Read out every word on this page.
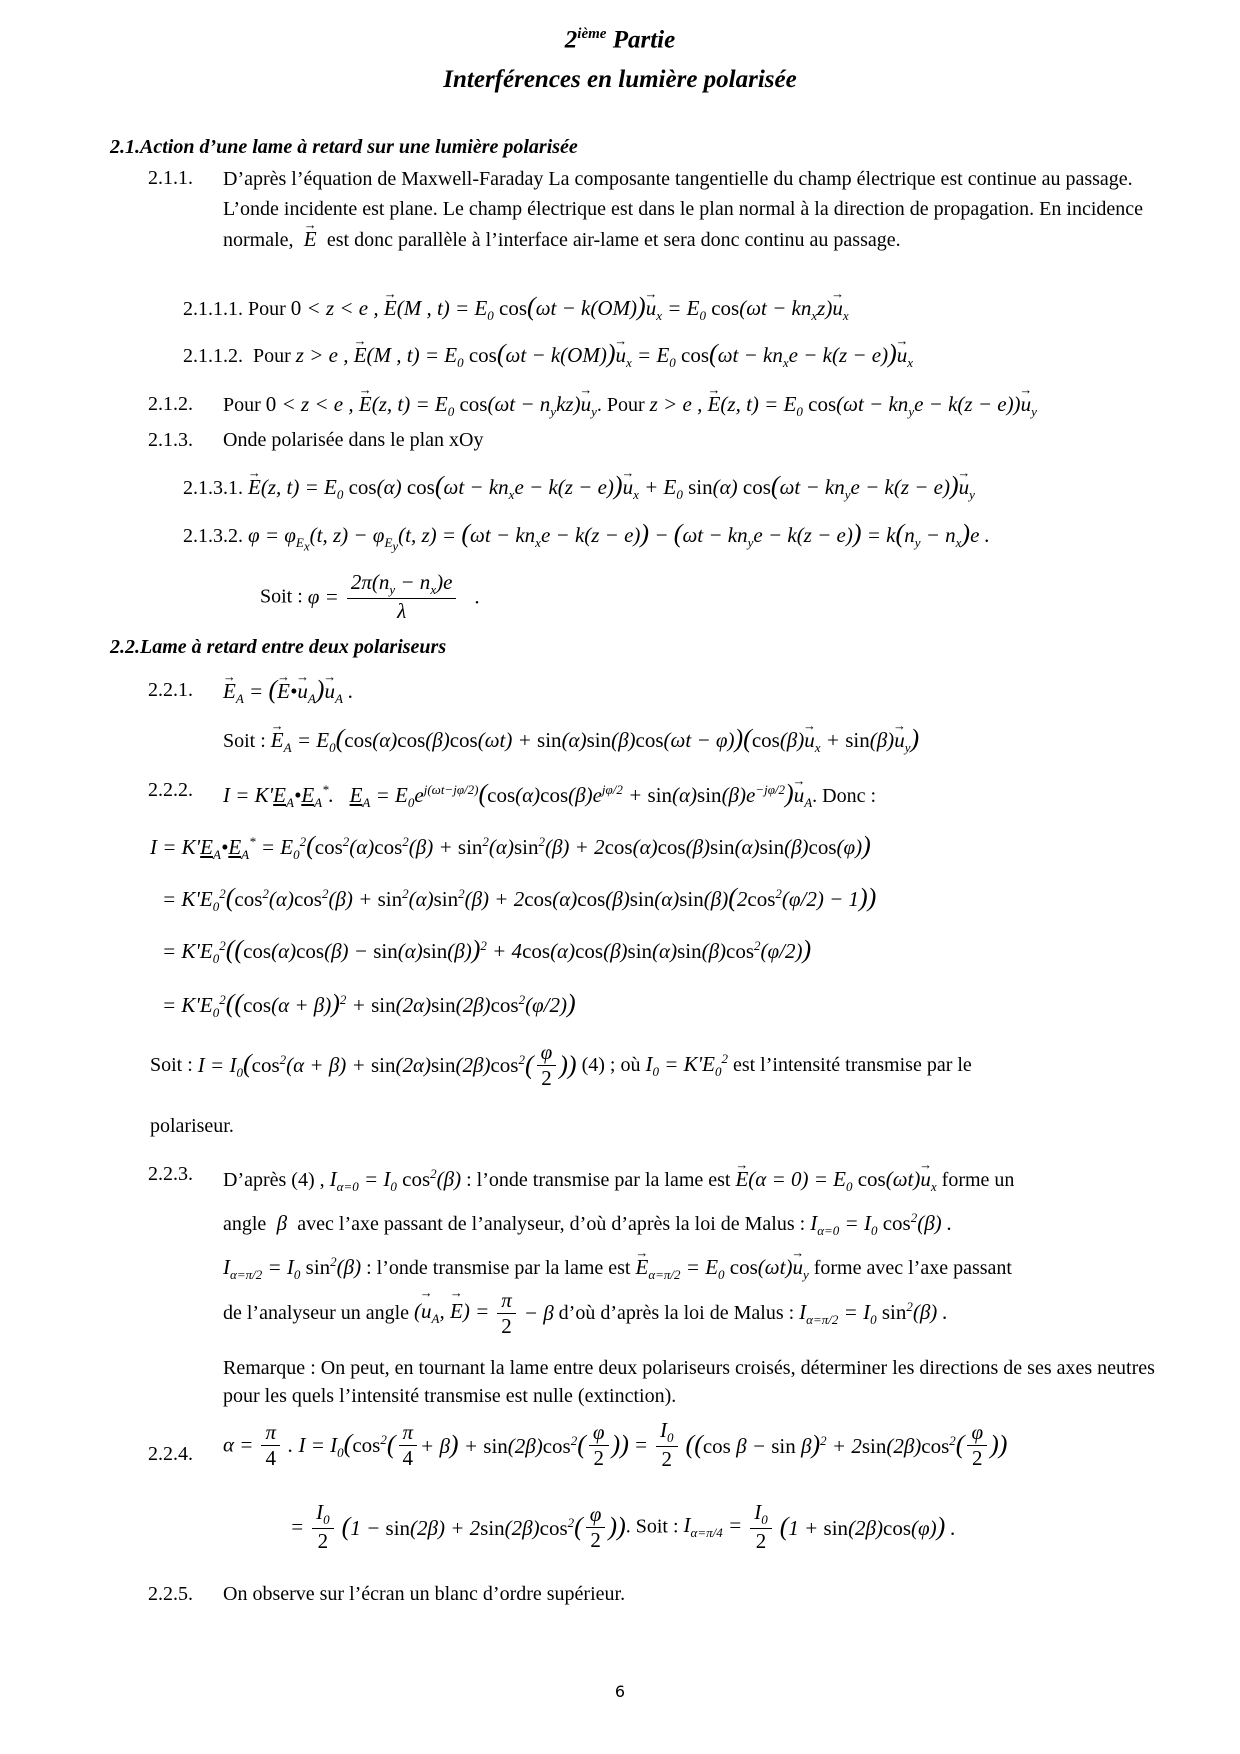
2ième Partie
Interférences en lumière polarisée
2.1.Action d’une lame à retard sur une lumière polarisée
2.1.1. D’après l’équation de Maxwell-Faraday La composante tangentielle du champ électrique est continue au passage. L’onde incidente est plane. Le champ électrique est dans le plan normal à la direction de propagation. En incidence normale, → E est donc parallèle à l’interface air-lame et sera donc continu au passage.
2.1.1.1. Pour 0 < z < e , → E(M , $t) = E_0$ $\cos(\omega t - k(OM))\to u_x = E_0$ $\cos(\omega t - kn_xz)\to u_x$
2.1.1.2. Pour z > e , → E(M , $t) = E_0$ $\cos(\omega t - k(OM))\to u_x = E_0$ $\cos(\omega t - kn_xe - k(z - e))\to u_x$
2.1.2. Pour 0 < z < e , → E(z, $t) = E_0$ $\cos(\omega t - n_ykz)\to u_y$. Pour z > e , → E(z, $t) = E_0$ $\cos(\omega t - kn_ye - k(z - e))\to u_y$
2.1.3. Onde polarisée dans le plan xOy
2.1.3.1. → E(z, $t) = E_0$ cos(α) $\cos(\omega t - kn_xe - k(z - e))\to u_x + E_0$ sin(α) $\cos(\omega t - kn_ye - k(z - e))\to u_y$
2.1.3.2. $\varphi = \varphi_{E_x}(t$, $z) - \varphi_{E_y}(t$, $z) = (\omega t - kn_xe - k(z - e)) - (\omega t - kn_ye - k(z - e)) = k(n_y - n_x)e$ .
Soit : $\varphi = \frac{2\pi(n_y - n_x)e}{\lambda}$ .
2.2.Lame à retard entre deux polariseurs
2.2.1. → $E_A$ = (→ E•→ $u_A)\to u_A$ .
Soit : → $E_A = E_0(\cos(\alpha)\cos(\beta)\cos(\omega t) + \sin(\alpha)\sin(\beta)\cos(\omega t - \varphi))(\cos(\beta)\to u_x + \sin(\beta)\to u_y)$
2.2.2. $I = K'E_A•E_A^*$.   $E_A = E_0e^{j(\omega t-j\varphi/2)}(\cos(\alpha)\cos(\beta)e^{j\varphi/2} + \sin(\alpha)\sin(\beta)e^{-j\varphi/2})\to u_A$. Donc :
$I = K'E_A•E_A^* = E_0^2(\cos^2(\alpha)\cos^2(\beta) + \sin^2(\alpha)\sin^2(\beta) + 2\cos(\alpha)\cos(\beta)\sin(\alpha)\sin(\beta)\cos(\varphi))$
= $K'E_0^2(\cos^2(\alpha)\cos^2(\beta) + \sin^2(\alpha)\sin^2(\beta) + 2\cos(\alpha)\cos(\beta)\sin(\alpha)\sin(\beta)(2\cos^2(\varphi/2) - 1))$
= $K'E_0^2((\cos(\alpha)\cos(\beta) - \sin(\alpha)\sin(\beta))^2 + 4\cos(\alpha)\cos(\beta)\sin(\alpha)\sin(\beta)\cos^2(\varphi/2))$
= $K'E_0^2((\cos(\alpha + \beta))^2 + \sin(2\alpha)\sin(2\beta)\cos^2(\varphi/2))$
Soit : $I = I_0(\cos^2(\alpha + \beta) + \sin(2\alpha)\sin(2\beta)\cos^2( \frac{\varphi}{2}$ )) (4) ; où $I_0 = K'E_0^2$ est l’intensité transmise par le
polariseur.
2.2.3. D’après (4) , $I_{\alpha=0} = I_0$ $\cos^2(\beta)$ : l’onde transmise par la lame est → $E(\alpha = 0) = E_0$ $\cos(\omega t)\to u_x$ forme un
angle  β  avec l’axe passant de l’analyseur, d’où d’après la loi de Malus : $I_{\alpha=0} = I_0$ $\cos^2(\beta)$ .
$I_{\alpha=\pi/2} = I_0$ $\sin^2(\beta)$ : l’onde transmise par la lame est → $E_{\alpha=\pi/2} = E_0$ $\cos(\omega t)\to u_y$ forme avec l’axe passant
de l’analyseur un angle (→ $u_A$, → $E) = \frac{\pi}{2} - \beta$ d’où d’après la loi de Malus : $I_{\alpha=\pi/2} = I_0$ $\sin^2(\beta)$ .
Remarque : On peut, en tournant la lame entre deux polariseurs croisés, déterminer les directions de ses axes neutres pour les quels l’intensité transmise est nulle (extinction).
2.2.4. $\alpha = \frac{\pi}{4}$ . $I = I_0(\cos^2( \frac{\pi}{4} + \beta) + \sin(2\beta)\cos^2( \frac{\varphi}{2}$ )) = $\frac{I_0}{2} ((\cos$ $\beta - \sin \beta)^2 + 2\sin(2\beta)\cos^2( \frac{\varphi}{2}$ ))
= $\frac{I_0}{2} (1 - \sin(2\beta) + 2\sin(2\beta)\cos^2( \frac{\varphi}{2}$ )). Soit : $I_{\alpha=\pi/4} = \frac{I_0}{2} (1 + \sin(2\beta)\cos(\varphi))$ .
2.2.5. On observe sur l’écran un blanc d’ordre supérieur.
6
